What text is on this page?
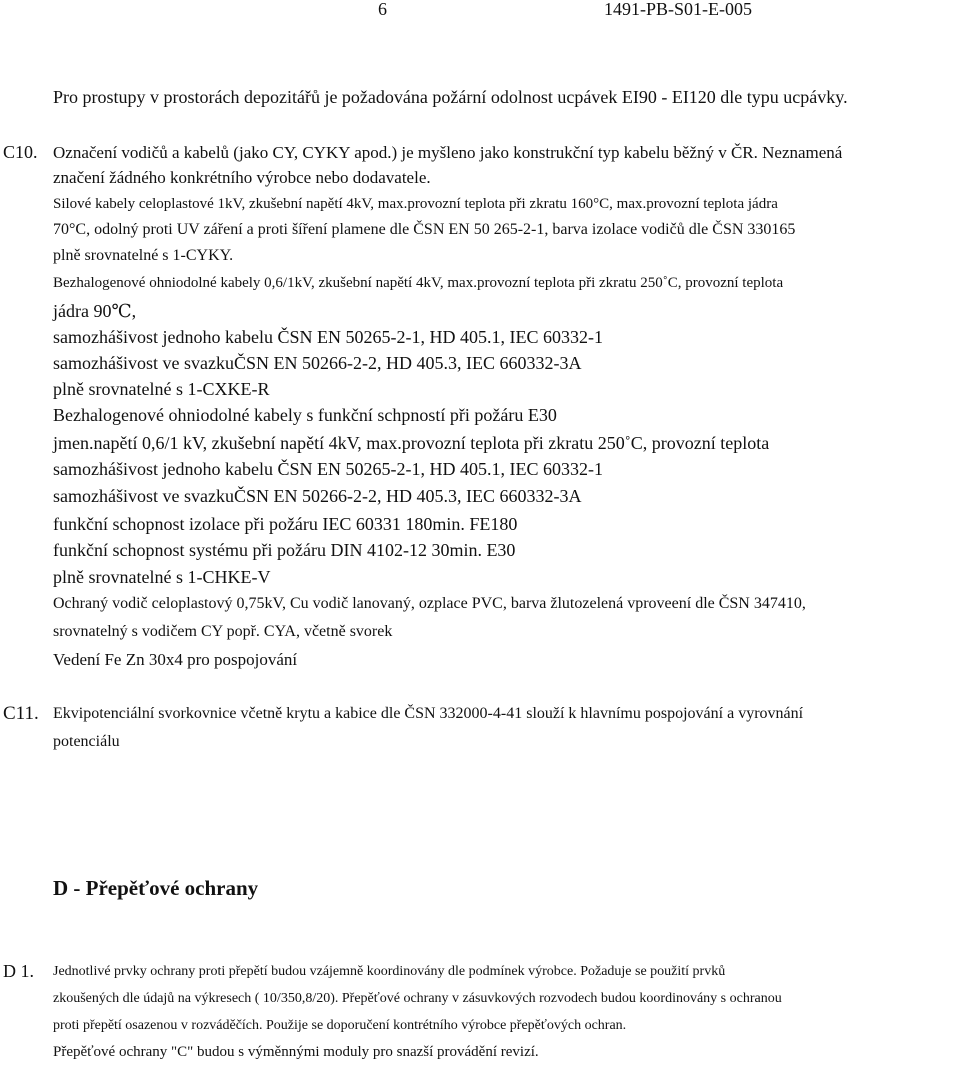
6	1491-PB-S01-E-005
Pro prostupy v prostorách depozitářů je požadována požární odolnost ucpávek EI90 - EI120 dle typu ucpávky.
C10. Označení vodičů a kabelů (jako CY, CYKY apod.) je myšleno jako konstrukční typ kabelu běžný v ČR. Neznamená
značení žádného konkrétního výrobce nebo dodavatele.
Silové kabely celoplastové 1kV, zkušební napětí 4kV, max.provozní teplota při zkratu 160°C, max.provozní teplota jádra
70°C, odolný proti UV záření a proti šíření plamene dle ČSN EN 50 265-2-1, barva izolace vodičů dle ČSN 330165
plně srovnatelné s 1-CYKY.
Bezhalogenové ohniodolné kabely 0,6/1kV, zkušební napětí 4kV, max.provozní teplota při zkratu 250˚C, provozní teplota
jádra 90℃,
samozhášivost jednoho kabelu ČSN EN 50265-2-1, HD 405.1, IEC 60332-1
samozhášivost ve svazkuČSN EN 50266-2-2, HD 405.3, IEC 660332-3A
plně srovnatelné s 1-CXKE-R
Bezhalogenové ohniodolné kabely s funkční schpností při požáru E30
jmen.napětí 0,6/1 kV, zkušební napětí 4kV, max.provozní teplota při zkratu 250˚C, provozní teplota
samozhášivost jednoho kabelu ČSN EN 50265-2-1, HD 405.1, IEC 60332-1
samozhášivost ve svazkuČSN EN 50266-2-2, HD 405.3, IEC 660332-3A
funkční schopnost izolace při požáru IEC 60331 180min. FE180
funkční schopnost systému při požáru DIN 4102-12 30min. E30
plně srovnatelné s 1-CHKE-V
Ochraný vodič celoplastový 0,75kV, Cu vodič lanovaný, ozplace PVC, barva žlutozelená vproveení dle ČSN 347410,
srovnatelný s vodičem CY popř. CYA, včetně svorek
Vedení Fe Zn 30x4 pro pospojování
C11. Ekvipotenciální svorkovnice včetně krytu a kabice dle ČSN 332000-4-41 slouží k hlavnímu pospojování a vyrovnání
potenciálu
D - Přepěťové ochrany
D 1. Jednotlivé prvky ochrany proti přepětí budou vzájemně koordinovány dle podmínek výrobce. Požaduje se použití prvků
zkoušených dle údajů na výkresech ( 10/350,8/20). Přepěťové ochrany v zásuvkových rozvodech budou koordinovány s ochranou
proti přepětí osazenou v rozváděčích. Použije se doporučení kontrétního výrobce přepěťových ochran.
Přepěťové ochrany "C" budou s výměnnými moduly pro snazší provádění revizí.
